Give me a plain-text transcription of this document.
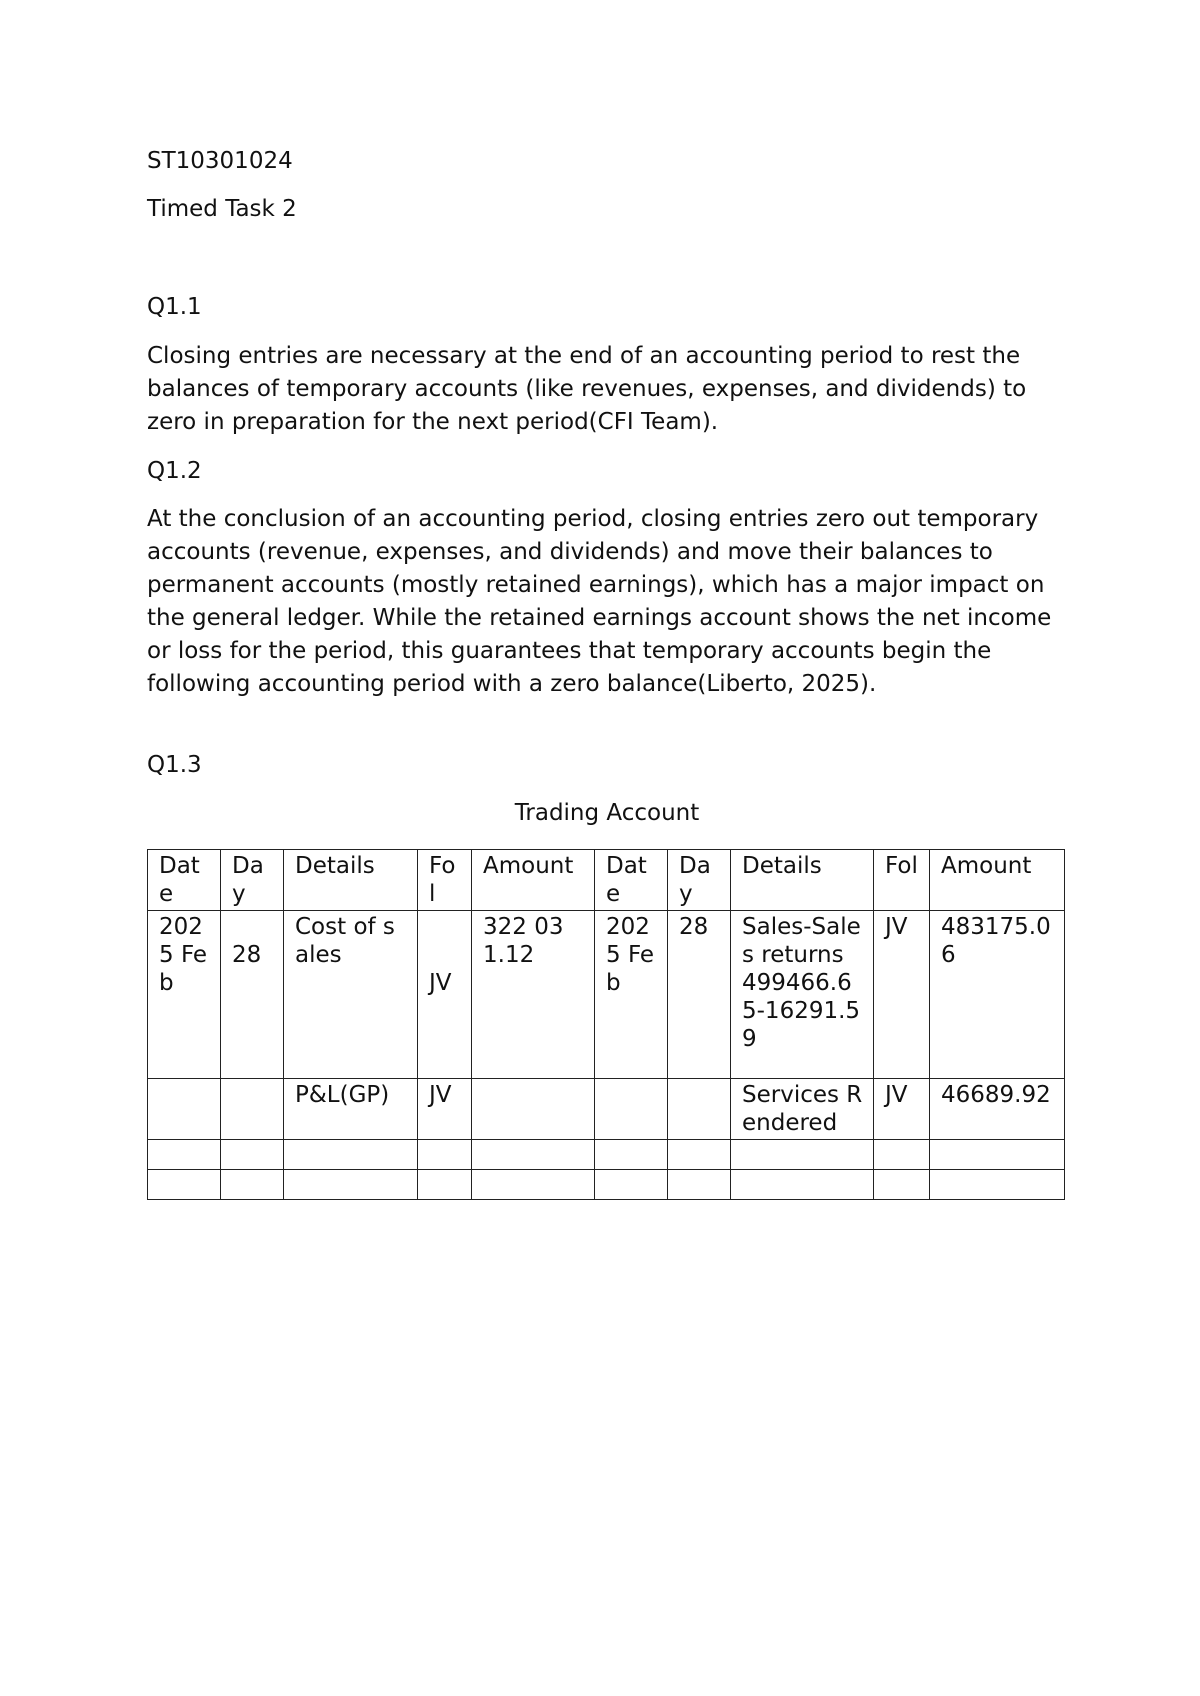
ST10301024

Timed Task 2

Q1.1

Closing entries are necessary at the end of an accounting period to rest the balances of temporary accounts (like revenues, expenses, and dividends) to zero in preparation for the next period(CFI Team).

Q1.2

At the conclusion of an accounting period, closing entries zero out temporary accounts (revenue, expenses, and dividends) and move their balances to permanent accounts (mostly retained earnings), which has a major impact on the general ledger. While the retained earnings account shows the net income or loss for the period, this guarantees that temporary accounts begin the following accounting period with a zero balance(Liberto, 2025).

Q1.3

Trading Account

Date	Day	Details	Fol	Amount	Date	Day	Details	Fol	Amount
2025 Feb	28	Cost of sales	JV	322 031.12	2025 Feb	28	Sales-Sales returns 499466.65-16291.59	JV	483175.06
		P&L(GP)	JV				Services Rendered	JV	46689.92
